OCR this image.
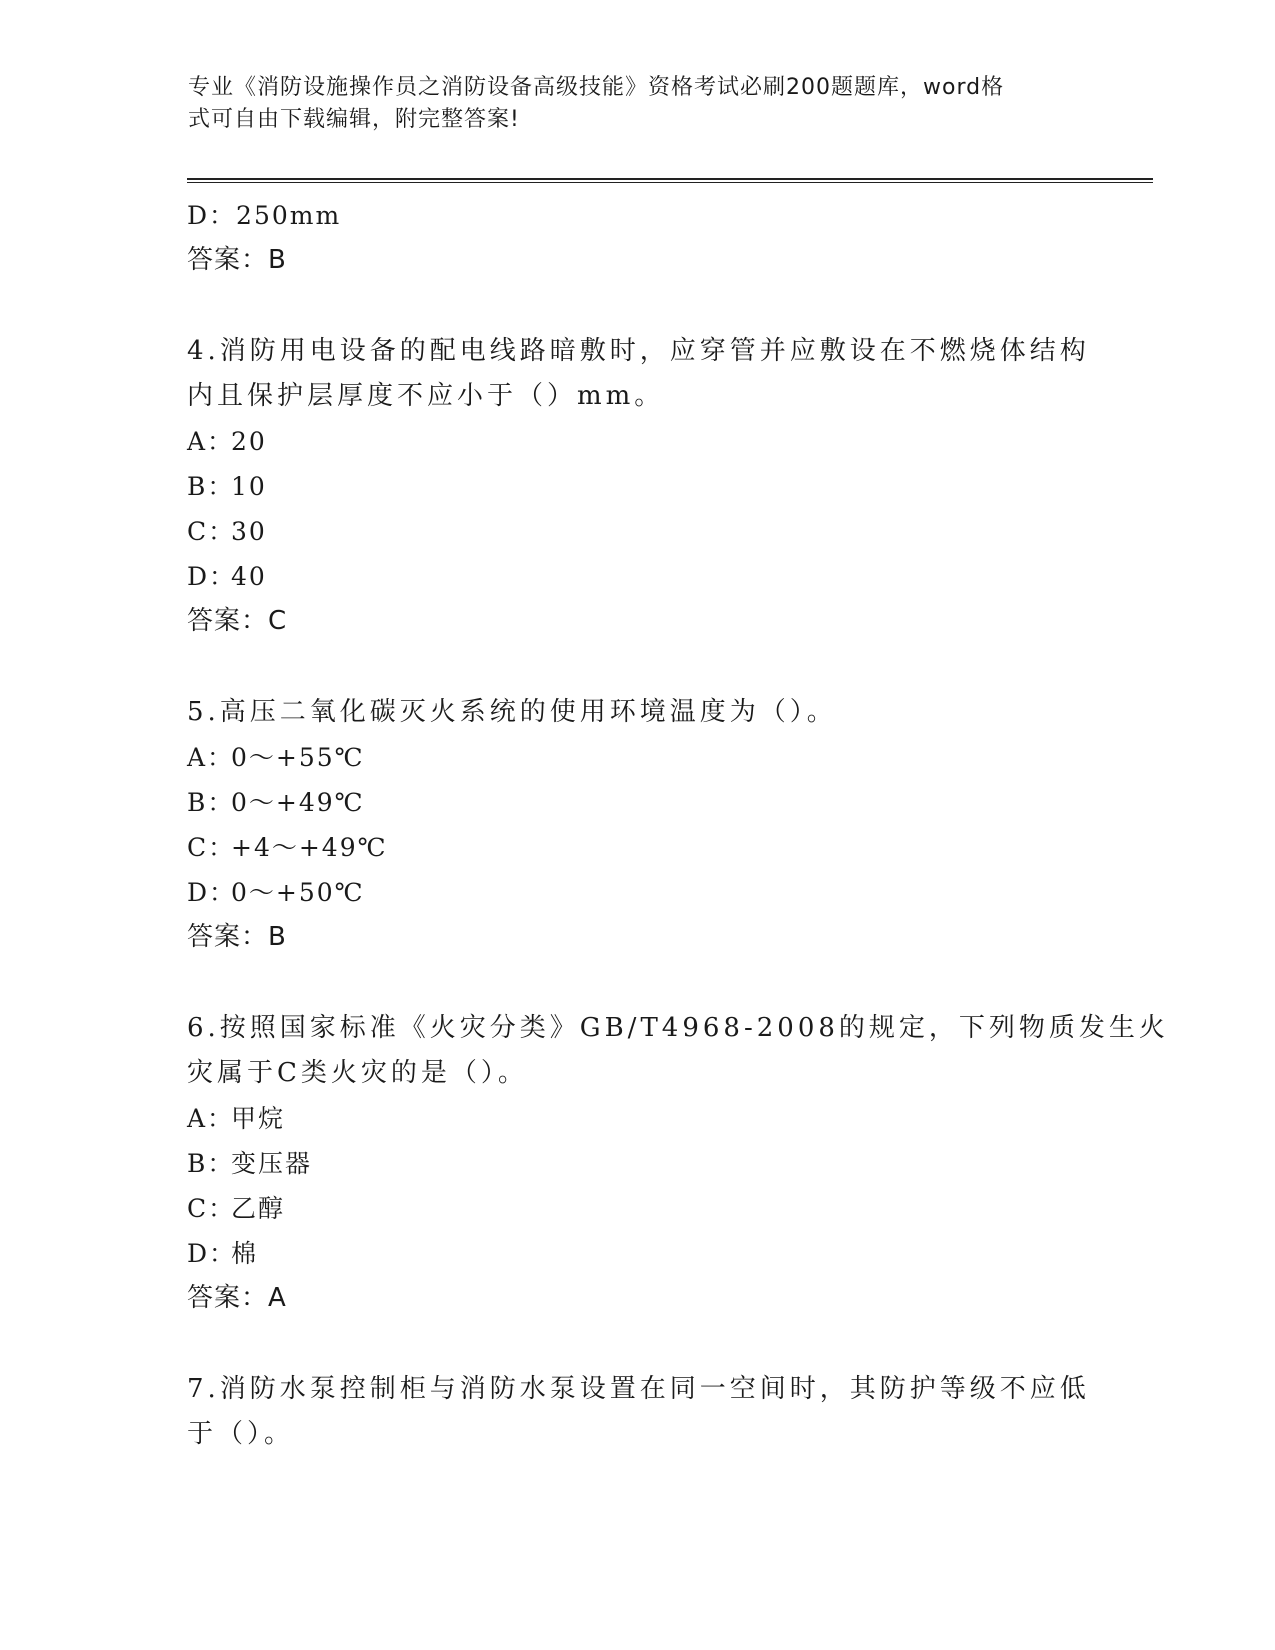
专业《消防设施操作员之消防设备高级技能》资格考试必刷200题题库，word格
式可自由下载编辑，附完整答案!
D：250mm
答案：B
4.消防用电设备的配电线路暗敷时，应穿管并应敷设在不燃烧体结构
内且保护层厚度不应小于（）mm。
A：20
B：10
C：30
D：40
答案：C
5.高压二氧化碳灭火系统的使用环境温度为（）。
A：0～+55℃
B：0～+49℃
C：+4～+49℃
D：0～+50℃
答案：B
6.按照国家标准《火灾分类》GB/T4968-2008的规定，下列物质发生火
灾属于C类火灾的是（）。
A：甲烷
B：变压器
C：乙醇
D：棉
答案：A
7.消防水泵控制柜与消防水泵设置在同一空间时，其防护等级不应低
于（）。
